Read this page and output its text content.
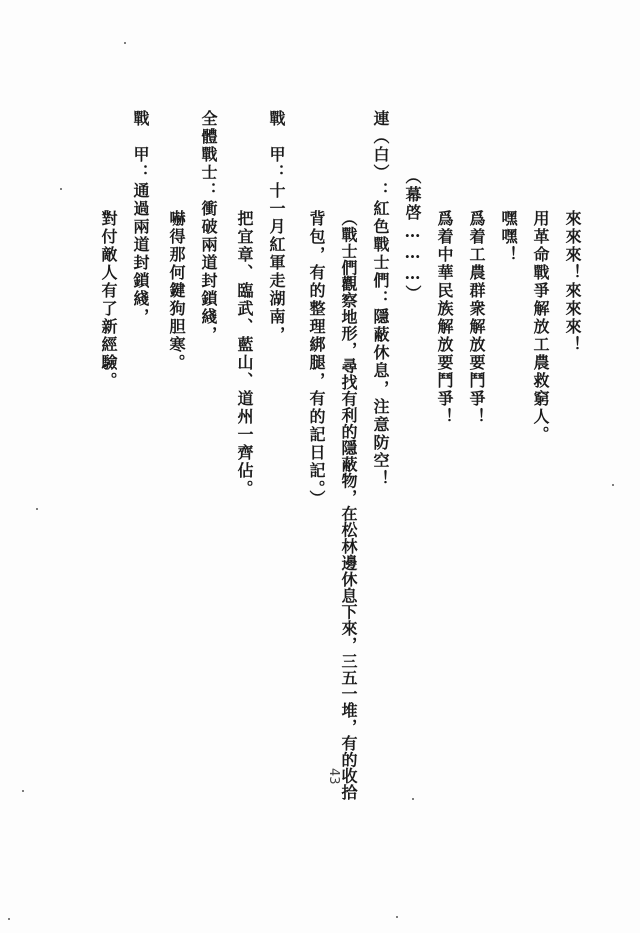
來來來！來來來！
用革命戰爭解放工農救窮人。
嘿嘿！
爲着工農群衆解放要鬥爭！
爲着中華民族解放要鬥爭！
（幕啓………）
連（白）：紅色戰士們：隱蔽休息，注意防空！
（戰士們觀察地形，尋找有利的隱蔽物，在松林邊休息下來，三五一堆，有的收拾
背包，有的整理綁腿，有的記日記。）
戰　甲：十一月紅軍走湖南，
把宜章、臨武、藍山、道州一齊佔。
全體戰士：衝破兩道封鎖綫，
嚇得那何鍵狗胆寒。
戰　甲：通過兩道封鎖綫，
對付敵人有了新經驗。
43
